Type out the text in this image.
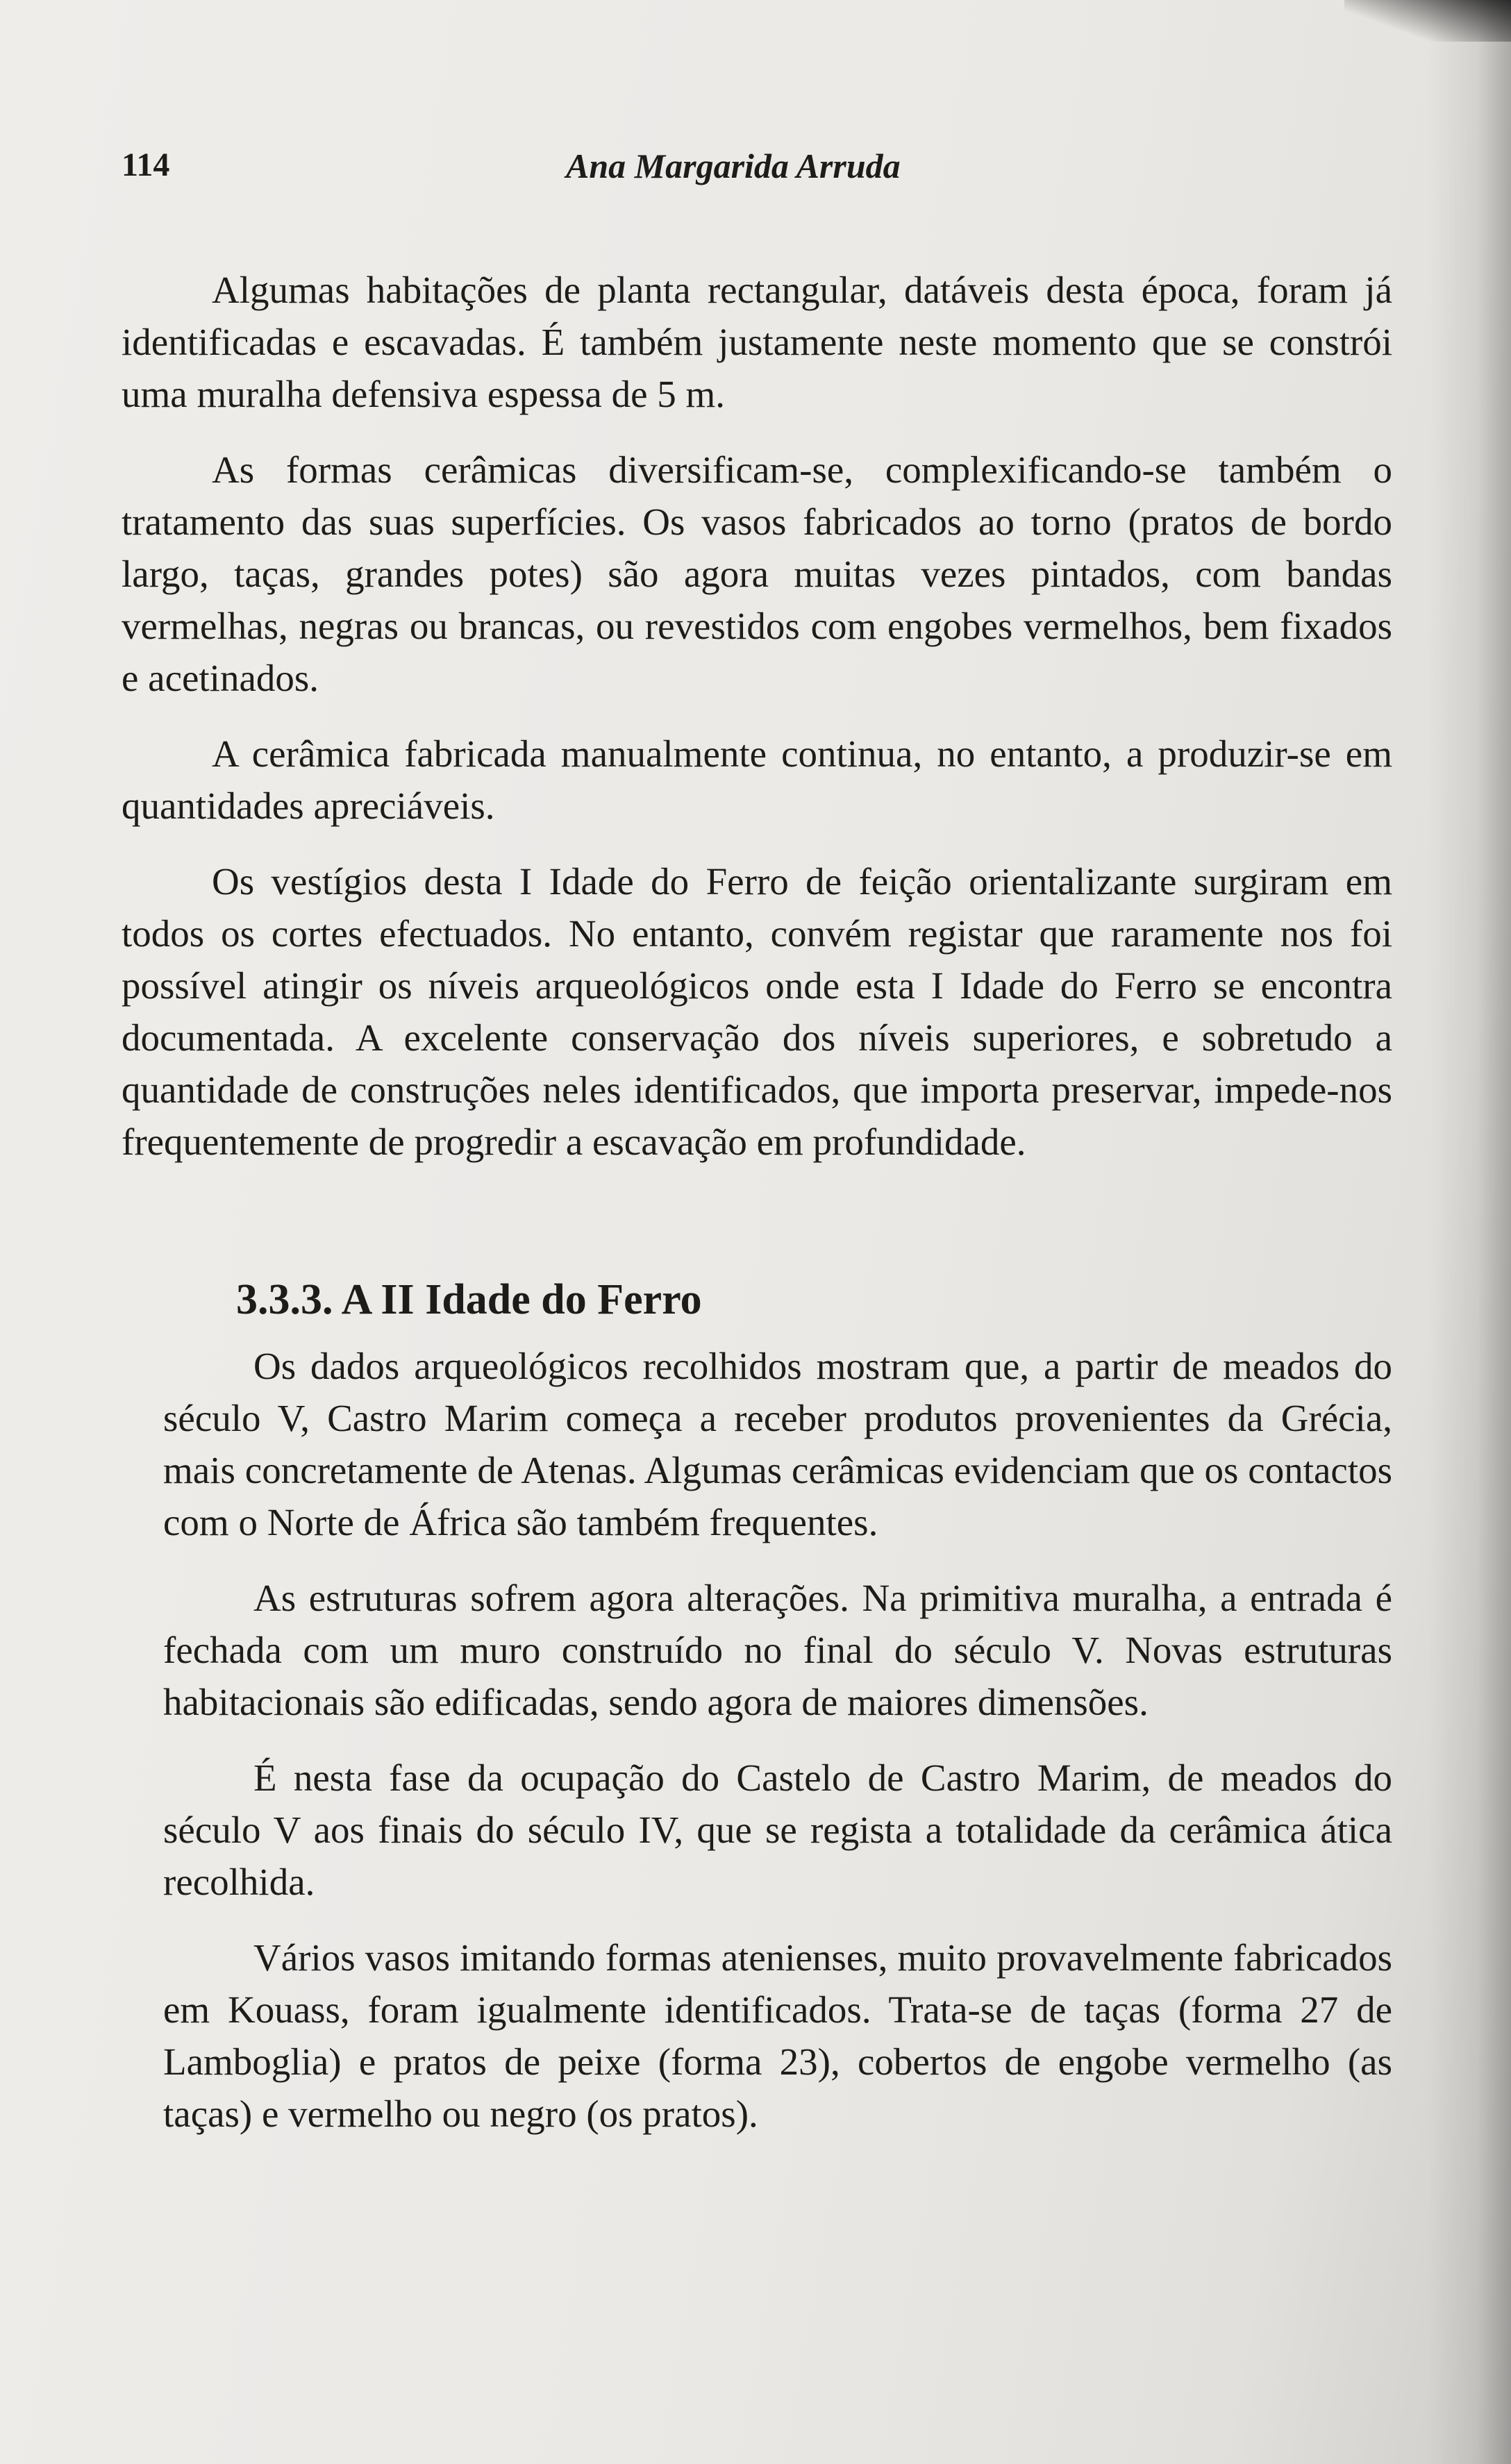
114	Ana Margarida Arruda

Algumas habitações de planta rectangular, datáveis desta época, foram já identificadas e escavadas. É também justamente neste momento que se constrói uma muralha defensiva espessa de 5 m.

As formas cerâmicas diversificam-se, complexificando-se também o tratamento das suas superfícies. Os vasos fabricados ao torno (pratos de bordo largo, taças, grandes potes) são agora muitas vezes pintados, com bandas vermelhas, negras ou brancas, ou revestidos com engobes vermelhos, bem fixados e acetinados.

A cerâmica fabricada manualmente continua, no entanto, a produzir-se em quantidades apreciáveis.

Os vestígios desta I Idade do Ferro de feição orientalizante surgiram em todos os cortes efectuados. No entanto, convém registar que raramente nos foi possível atingir os níveis arqueológicos onde esta I Idade do Ferro se encontra documentada. A excelente conservação dos níveis superiores, e sobretudo a quantidade de construções neles identificados, que importa preservar, impede-nos frequentemente de progredir a escavação em profundidade.

3.3.3. A II Idade do Ferro

Os dados arqueológicos recolhidos mostram que, a partir de meados do século V, Castro Marim começa a receber produtos provenientes da Grécia, mais concretamente de Atenas. Algumas cerâmicas evidenciam que os contactos com o Norte de África são também frequentes.

As estruturas sofrem agora alterações. Na primitiva muralha, a entrada é fechada com um muro construído no final do século V. Novas estruturas habitacionais são edificadas, sendo agora de maiores dimensões.

É nesta fase da ocupação do Castelo de Castro Marim, de meados do século V aos finais do século IV, que se regista a totalidade da cerâmica ática recolhida.

Vários vasos imitando formas atenienses, muito provavelmente fabricados em Kouass, foram igualmente identificados. Trata-se de taças (forma 27 de Lamboglia) e pratos de peixe (forma 23), cobertos de engobe vermelho (as taças) e vermelho ou negro (os pratos).
